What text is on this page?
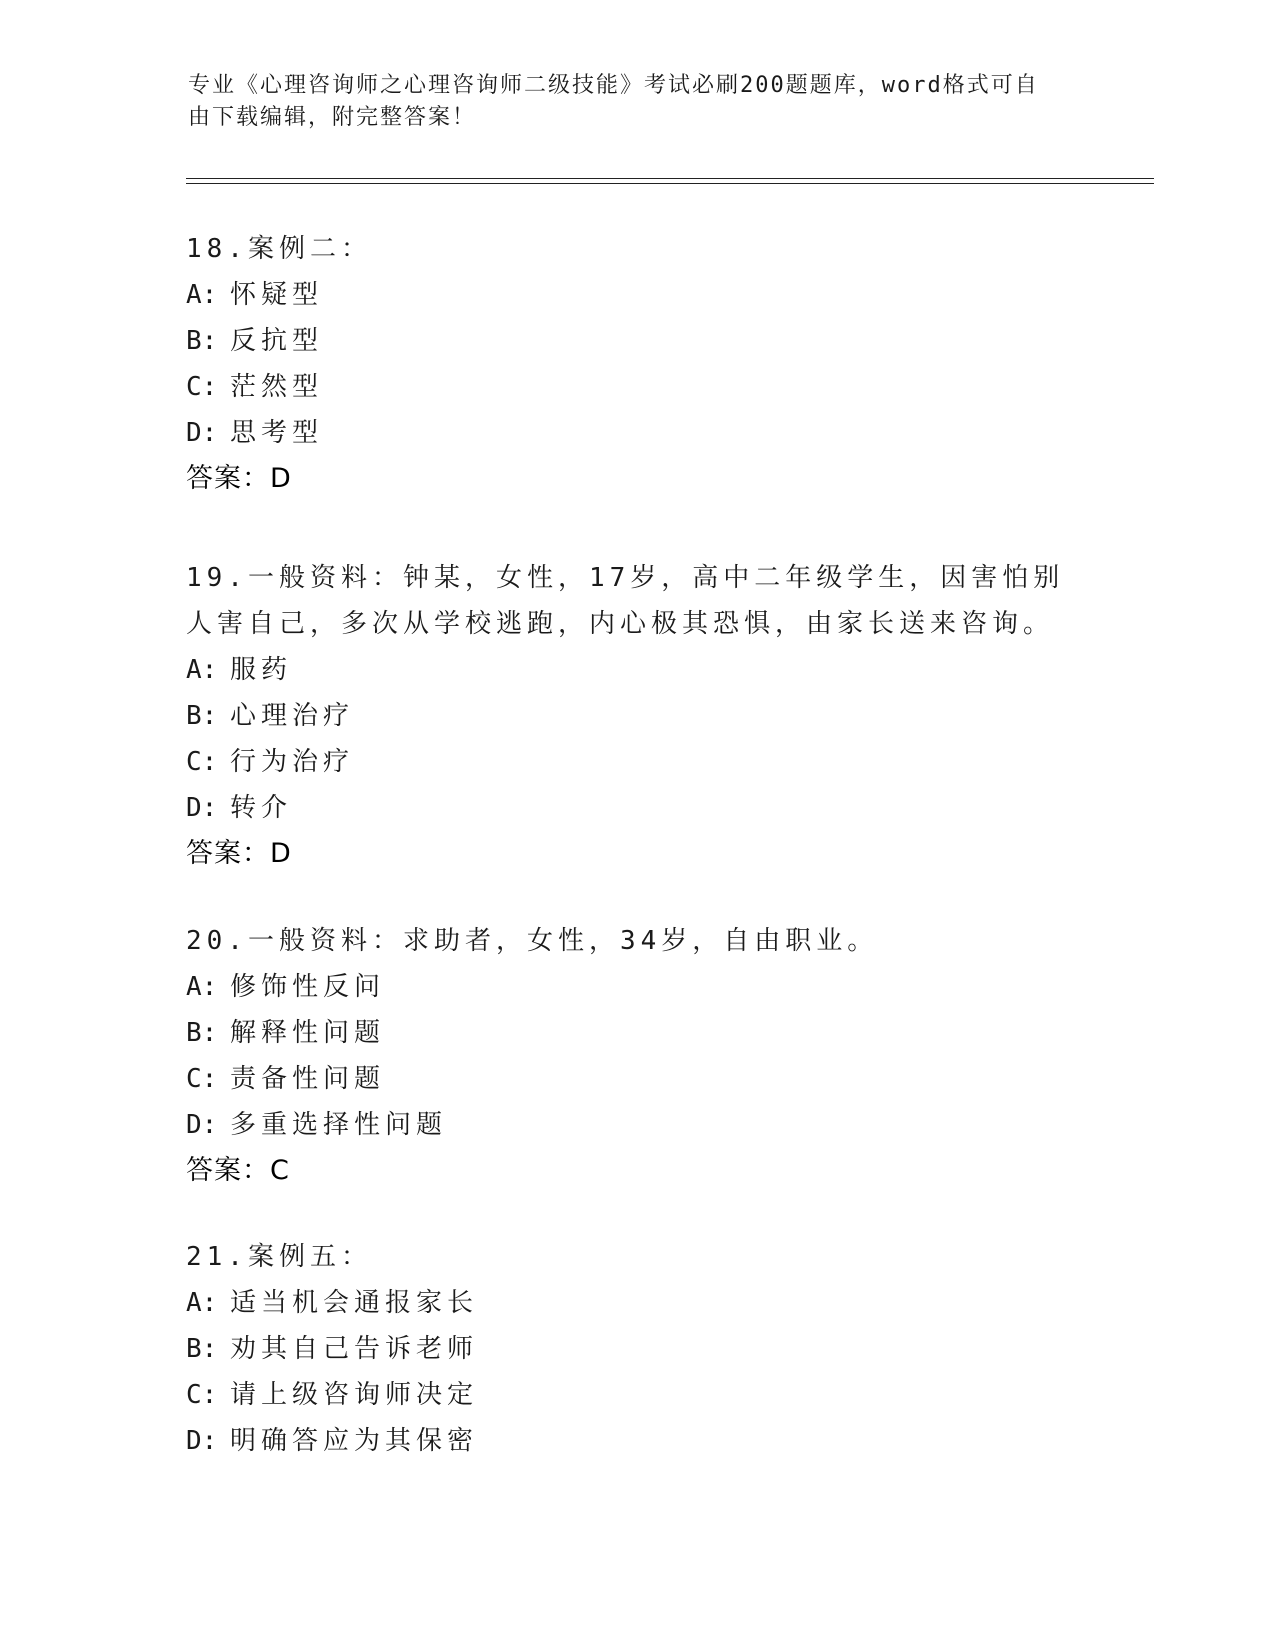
专业《心理咨询师之心理咨询师二级技能》考试必刷200题题库，word格式可自
由下载编辑，附完整答案！
18.案例二：
A: 怀疑型
B: 反抗型
C: 茫然型
D: 思考型
答案：D
19.一般资料：钟某，女性，17岁，高中二年级学生，因害怕别人害自己，多次从学校逃跑，内心极其恐惧，由家长送来咨询。
A: 服药
B: 心理治疗
C: 行为治疗
D: 转介
答案：D
20.一般资料：求助者，女性，34岁，自由职业。
A: 修饰性反问
B: 解释性问题
C: 责备性问题
D: 多重选择性问题
答案：C
21.案例五：
A: 适当机会通报家长
B: 劝其自己告诉老师
C: 请上级咨询师决定
D: 明确答应为其保密
